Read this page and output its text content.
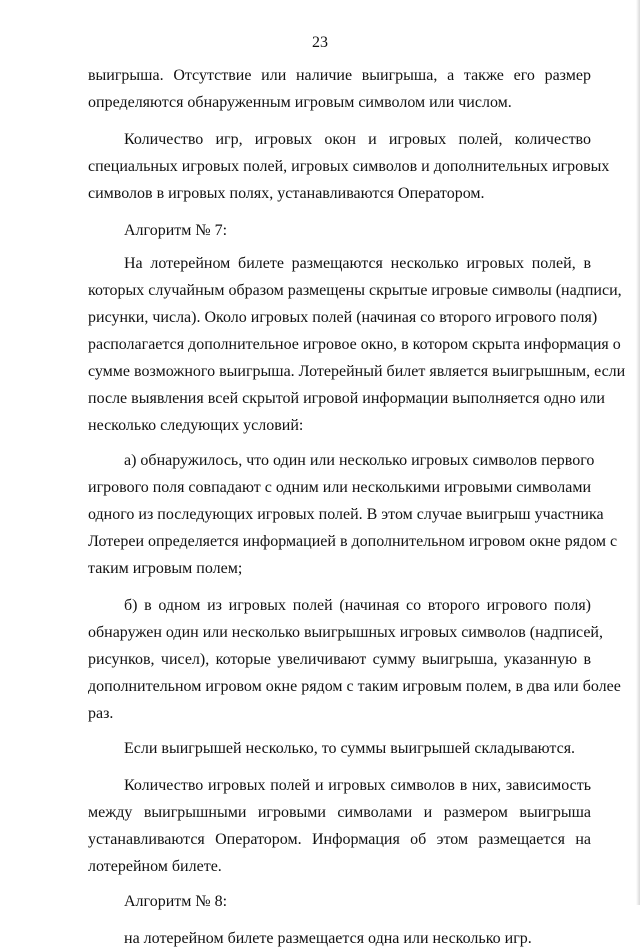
23
выигрыша. Отсутствие или наличие выигрыша, а также его размер
определяются обнаруженным игровым символом или числом.
Количество игр, игровых окон и игровых полей, количество
специальных игровых полей, игровых символов и дополнительных игровых
символов в игровых полях, устанавливаются Оператором.
Алгоритм № 7:
На лотерейном билете размещаются несколько игровых полей, в
которых случайным образом размещены скрытые игровые символы (надписи,
рисунки, числа). Около игровых полей (начиная со второго игрового поля)
располагается дополнительное игровое окно, в котором скрыта информация о
сумме возможного выигрыша. Лотерейный билет является выигрышным, если
после выявления всей скрытой игровой информации выполняется одно или
несколько следующих условий:
а) обнаружилось, что один или несколько игровых символов первого
игрового поля совпадают с одним или несколькими игровыми символами
одного из последующих игровых полей. В этом случае выигрыш участника
Лотереи определяется информацией в дополнительном игровом окне рядом с
таким игровым полем;
б) в одном из игровых полей (начиная со второго игрового поля)
обнаружен один или несколько выигрышных игровых символов (надписей,
рисунков, чисел), которые увеличивают сумму выигрыша, указанную в
дополнительном игровом окне рядом с таким игровым полем, в два или более
раз.
Если выигрышей несколько, то суммы выигрышей складываются.
Количество игровых полей и игровых символов в них, зависимость
между выигрышными игровыми символами и размером выигрыша
устанавливаются Оператором. Информация об этом размещается на
лотерейном билете.
Алгоритм № 8:
на лотерейном билете размещается одна или несколько игр.
